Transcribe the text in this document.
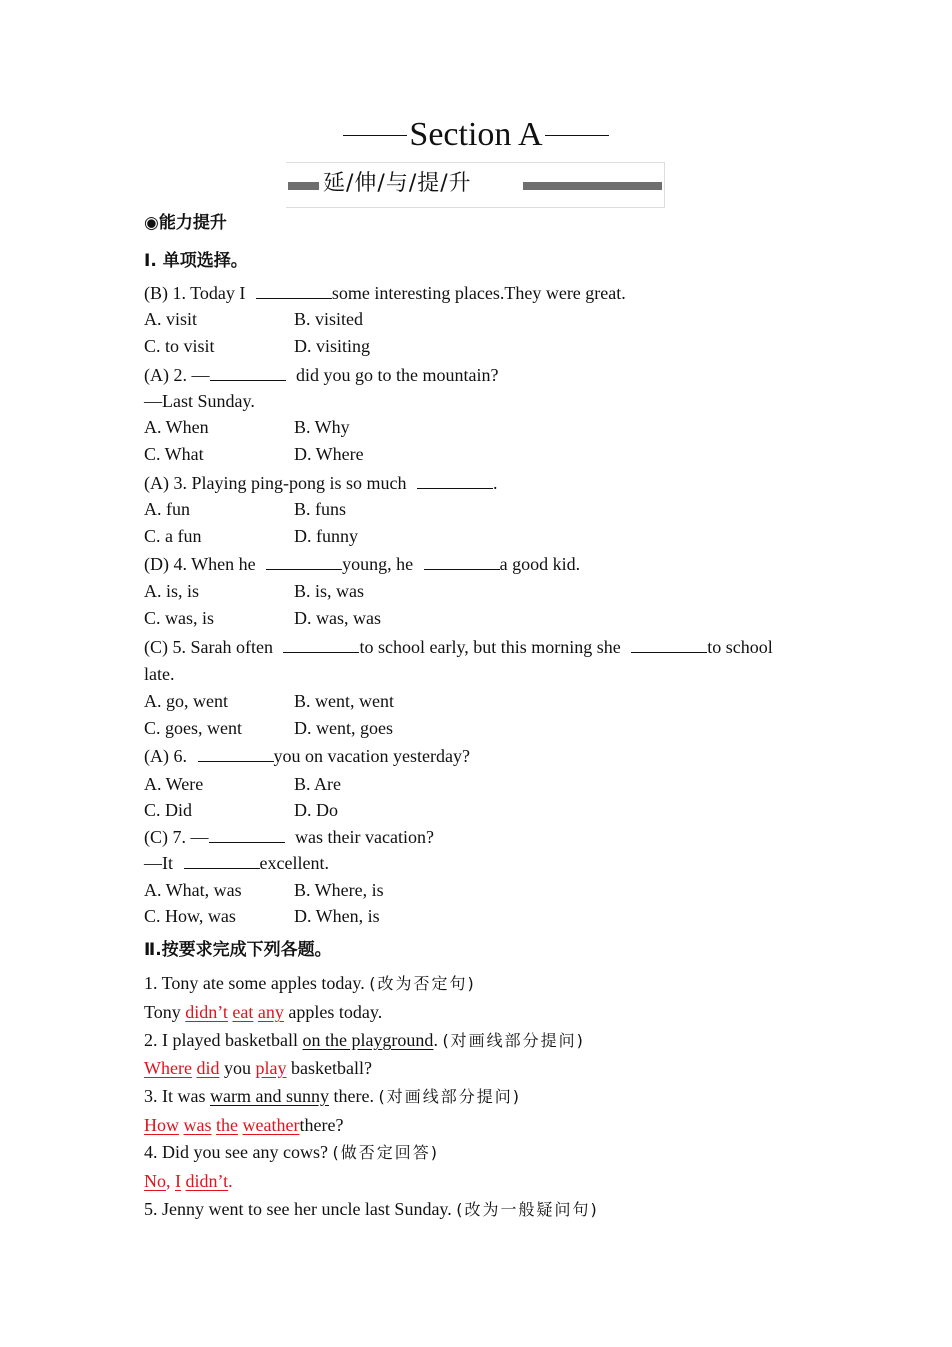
Section A
延/伸/与/提/升
◉能力提升
Ⅰ. 单项选择。
(B) 1. Today I	some interesting places.They were great.
A. visit	B. visited
C. to visit	D. visiting
(A) 2. —	did you go to the mountain?
—Last Sunday.
A. When	B. Why
C. What	D. Where
(A) 3. Playing ping-pong is so much	.
A. fun	B. funs
C. a fun	D. funny
(D) 4. When he	young, he	a good kid.
A. is, is	B. is, was
C. was, is	D. was, was
(C) 5. Sarah often	to school early, but this morning she	to school
late.
A. go, went	B. went, went
C. goes, went	D. went, goes
(A) 6.	you on vacation yesterday?
A. Were	B. Are
C. Did	D. Do
(C) 7. —	was their vacation?
—It	excellent.
A. What, was	B. Where, is
C. How, was	D. When, is
Ⅱ.按要求完成下列各题。
1. Tony ate some apples today. (改为否定句)
Tony didn’t eat any apples today.
2. I played basketball on the playground. (对画线部分提问)
Where did you play basketball?
3. It was warm and sunny there. (对画线部分提问)
How was the weatherthere?
4. Did you see any cows? (做否定回答)
No, I didn’t.
5. Jenny went to see her uncle last Sunday. (改为一般疑问句)
